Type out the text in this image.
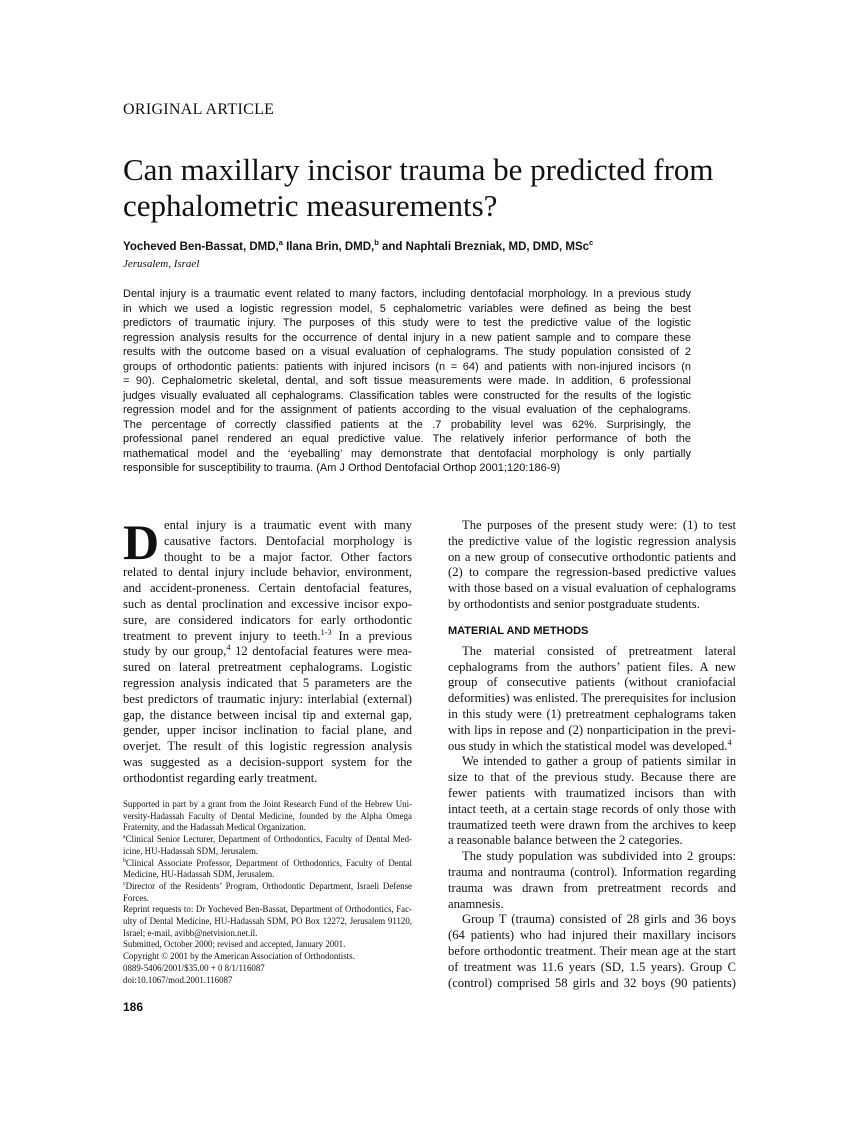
ORIGINAL ARTICLE
Can maxillary incisor trauma be predicted from
cephalometric measurements?
Yocheved Ben-Bassat, DMD,$^a$ Ilana Brin, DMD,$^b$ and Naphtali Brezniak, MD, DMD, MSc$^c$
Jerusalem, Israel
Dental injury is a traumatic event related to many factors, including dentofacial morphology. In a previous study
in which we used a logistic regression model, 5 cephalometric variables were defined as being the best
predictors of traumatic injury. The purposes of this study were to test the predictive value of the logistic
regression analysis results for the occurrence of dental injury in a new patient sample and to compare these
results with the outcome based on a visual evaluation of cephalograms. The study population consisted of 2
groups of orthodontic patients: patients with injured incisors (n = 64) and patients with non-injured incisors (n
= 90). Cephalometric skeletal, dental, and soft tissue measurements were made. In addition, 6 professional
judges visually evaluated all cephalograms. Classification tables were constructed for the results of the logistic
regression model and for the assignment of patients according to the visual evaluation of the cephalograms.
The percentage of correctly classified patients at the .7 probability level was 62%. Surprisingly, the
professional panel rendered an equal predictive value. The relatively inferior performance of both the
mathematical model and the ‘eyeballing’ may demonstrate that dentofacial morphology is only partially
responsible for susceptibility to trauma. (Am J Orthod Dentofacial Orthop 2001;120:186-9)
D ental injury is a traumatic event with many
causative factors. Dentofacial morphology is
thought to be a major factor. Other factors
related to dental injury include behavior, environment,
and accident-proneness. Certain dentofacial features,
such as dental proclination and excessive incisor expo-
sure, are considered indicators for early orthodontic
treatment to prevent injury to teeth.$^{1-3}$ In a previous
study by our group,$^4$ 12 dentofacial features were mea-
sured on lateral pretreatment cephalograms. Logistic
regression analysis indicated that 5 parameters are the
best predictors of traumatic injury: interlabial (external)
gap, the distance between incisal tip and external gap,
gender, upper incisor inclination to facial plane, and
overjet. The result of this logistic regression analysis
was suggested as a decision-support system for the
orthodontist regarding early treatment.
The purposes of the present study were: (1) to test
the predictive value of the logistic regression analysis
on a new group of consecutive orthodontic patients and
(2) to compare the regression-based predictive values
with those based on a visual evaluation of cephalograms
by orthodontists and senior postgraduate students.
MATERIAL AND METHODS
The material consisted of pretreatment lateral
cephalograms from the authors’ patient files. A new
group of consecutive patients (without craniofacial
deformities) was enlisted. The prerequisites for inclusion
in this study were (1) pretreatment cephalograms taken
with lips in repose and (2) nonparticipation in the previ-
ous study in which the statistical model was developed.$^4$
We intended to gather a group of patients similar in
size to that of the previous study. Because there are
fewer patients with traumatized incisors than with
intact teeth, at a certain stage records of only those with
traumatized teeth were drawn from the archives to keep
a reasonable balance between the 2 categories.
The study population was subdivided into 2 groups:
trauma and nontrauma (control). Information regarding
trauma was drawn from pretreatment records and
anamnesis.
Group T (trauma) consisted of 28 girls and 36 boys
(64 patients) who had injured their maxillary incisors
before orthodontic treatment. Their mean age at the start
of treatment was 11.6 years (SD, 1.5 years). Group C
(control) comprised 58 girls and 32 boys (90 patients)
Supported in part by a grant from the Joint Research Fund of the Hebrew Uni-
versity-Hadassah Faculty of Dental Medicine, founded by the Alpha Omega
Fraternity, and the Hadassah Medical Organization.
$^a$Clinical Senior Lecturer, Department of Orthodontics, Faculty of Dental Med-
icine, HU-Hadassah SDM, Jerusalem.
$^b$Clinical Associate Professor, Department of Orthodontics, Faculty of Dental
Medicine, HU-Hadassah SDM, Jerusalem.
$^c$Director of the Residents’ Program, Orthodontic Department, Israeli Defense
Forces.
Reprint requests to: Dr Yocheved Ben-Bassat, Department of Orthodontics, Fac-
ulty of Dental Medicine, HU-Hadassah SDM, PO Box 12272, Jerusalem 91120,
Israel; e-mail, avibb@netvision.net.il.
Submitted, October 2000; revised and accepted, January 2001.
Copyright © 2001 by the American Association of Orthodontists.
0889-5406/2001/$35.00 + 0 8/1/116087
doi:10.1067/mod.2001.116087
186
